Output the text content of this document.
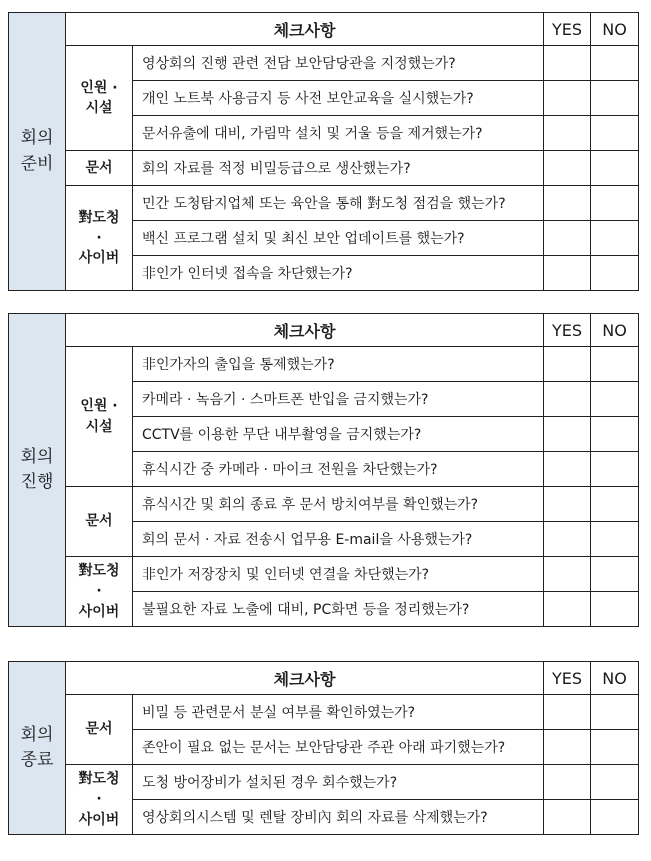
회의
준비	체크사항		YES	NO

	인원 ·
시설	영상회의 진행 관련 전담 보안담당관을 지정했는가?		
		개인 노트북 사용금지 등 사전 보안교육을 실시했는가?		
		문서유출에 대비, 가림막 설치 및 거울 등을 제거했는가?		

	문서	회의 자료를 적정 비밀등급으로 생산했는가?		

	對도청
·
사이버	민간 도청탐지업체 또는 육안을 통해 對도청 점검을 했는가?		
		백신 프로그램 설치 및 최신 보안 업데이트를 했는가?		
		非인가 인터넷 접속을 차단했는가?		
회의
진행	체크사항		YES	NO

	인원 ·
시설	非인가자의 출입을 통제했는가?		
		카메라 · 녹음기 · 스마트폰 반입을 금지했는가?		
		CCTV를 이용한 무단 내부촬영을 금지했는가?		
		휴식시간 중 카메라 · 마이크 전원을 차단했는가?		

	문서	휴식시간 및 회의 종료 후 문서 방치여부를 확인했는가?		
		회의 문서 · 자료 전송시 업무용 E-mail을 사용했는가?		

	對도청
·
사이버	非인가 저장장치 및 인터넷 연결을 차단했는가?		
		불필요한 자료 노출에 대비, PC화면 등을 정리했는가?		
회의
종료	체크사항		YES	NO

	문서	비밀 등 관련문서 분실 여부를 확인하였는가?		
		존안이 필요 없는 문서는 보안담당관 주관 아래 파기했는가?		

	對도청
·
사이버	도청 방어장비가 설치된 경우 회수했는가?		
		영상회의시스템 및 렌탈 장비內 회의 자료를 삭제했는가?		
